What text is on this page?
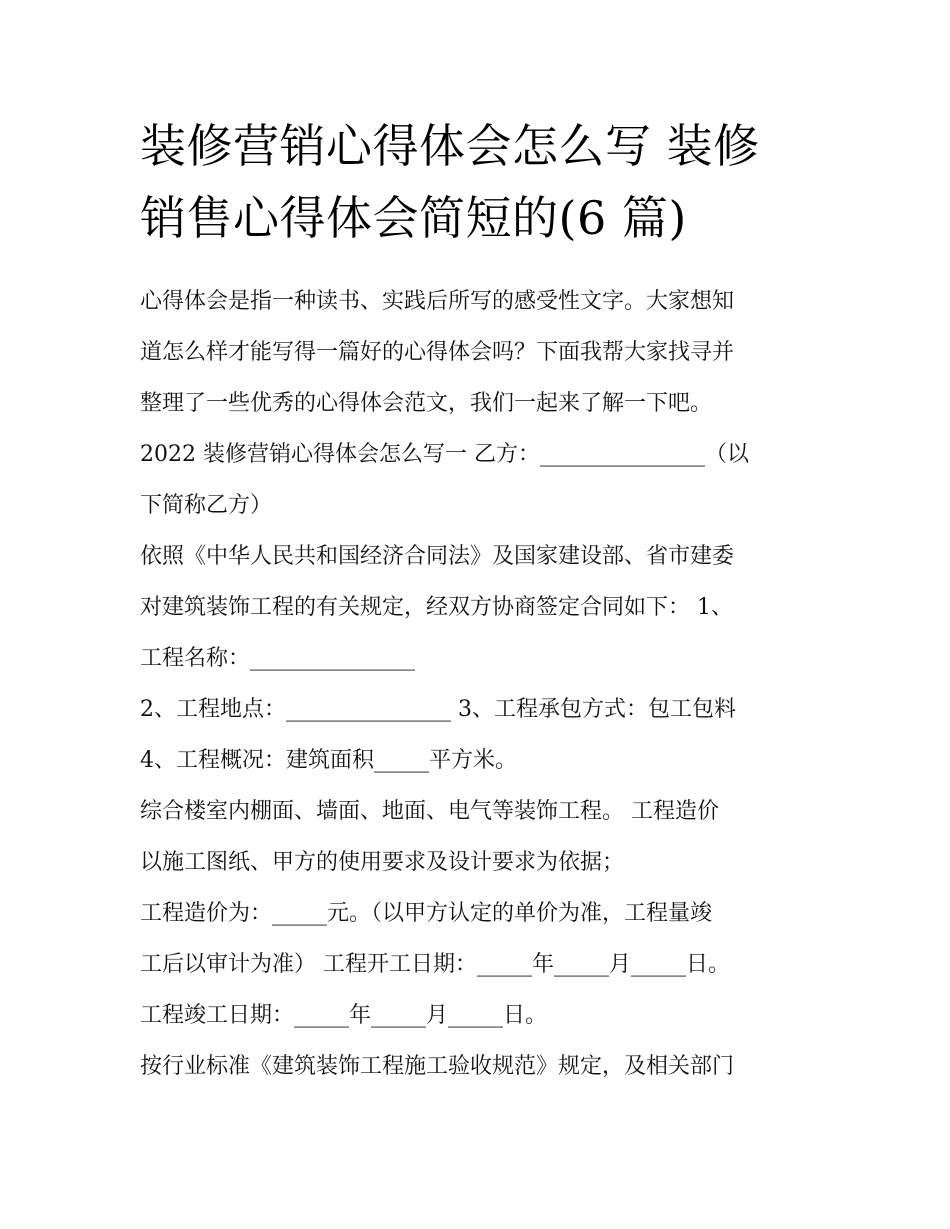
装修营销心得体会怎么写 装修
销售心得体会简短的(6 篇)

心得体会是指一种读书、实践后所写的感受性文字。大家想知
道怎么样才能写得一篇好的心得体会吗？下面我帮大家找寻并
整理了一些优秀的心得体会范文，我们一起来了解一下吧。

2022 装修营销心得体会怎么写一 乙方：_______________（以
下简称乙方）

依照《中华人民共和国经济合同法》及国家建设部、省市建委
对建筑装饰工程的有关规定，经双方协商签定合同如下： 1、
工程名称：_______________

2、工程地点：_______________ 3、工程承包方式：包工包料

4、工程概况：建筑面积_____平方米。

综合楼室内棚面、墙面、地面、电气等装饰工程。 工程造价
以施工图纸、甲方的使用要求及设计要求为依据；

工程造价为：_____元。（以甲方认定的单价为准，工程量竣
工后以审计为准） 工程开工日期：_____年_____月_____日。

工程竣工日期：_____年_____月_____日。

按行业标准《建筑装饰工程施工验收规范》规定，及相关部门
